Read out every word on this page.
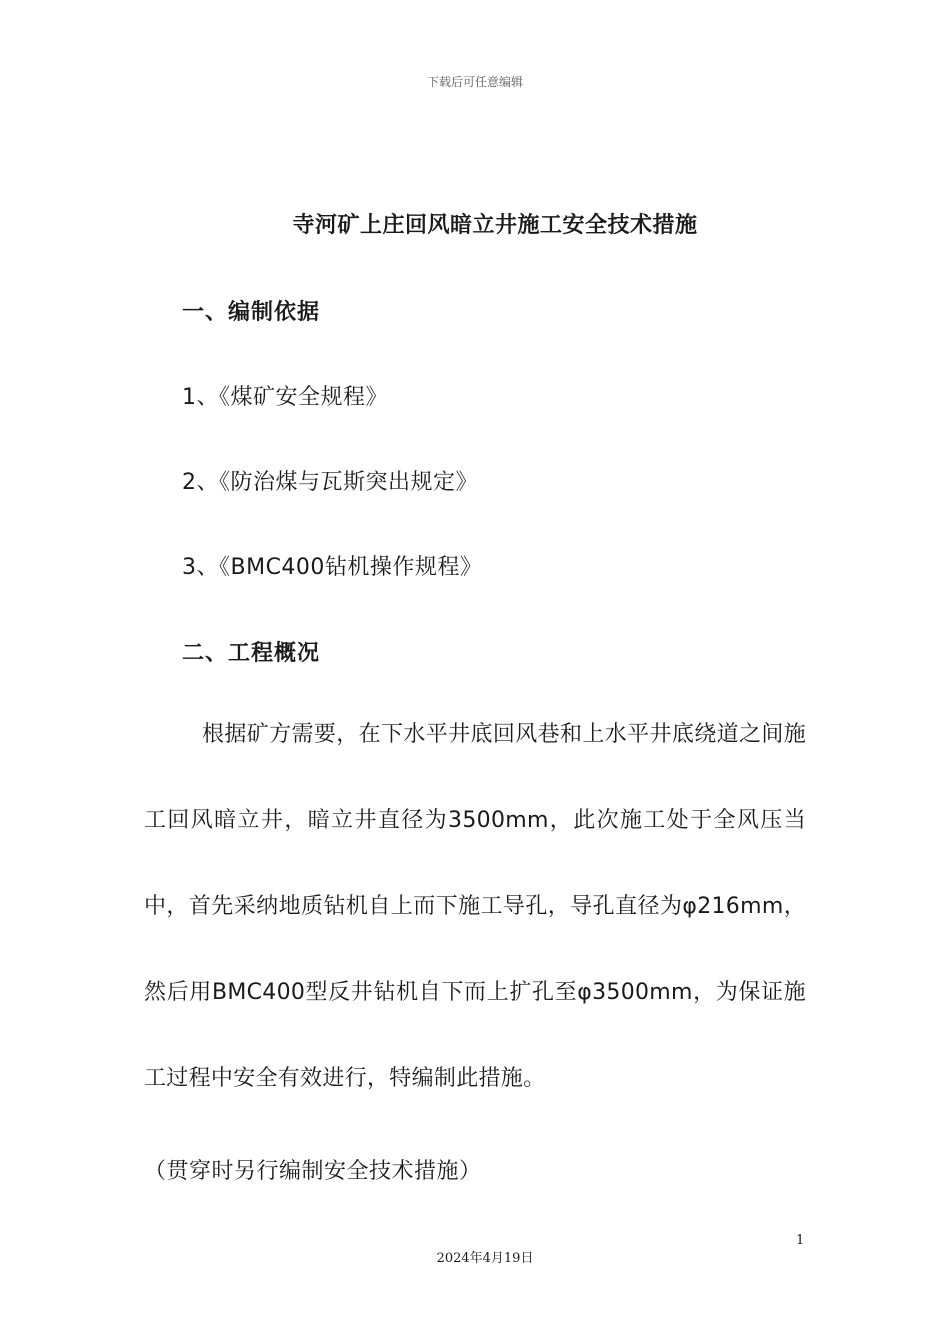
下载后可任意编辑
寺河矿上庄回风暗立井施工安全技术措施
一、编制依据
1、《煤矿安全规程》
2、《防治煤与瓦斯突出规定》
3、《BMC400钻机操作规程》
二、工程概况
根据矿方需要，在下水平井底回风巷和上水平井底绕道之间施工回风暗立井，暗立井直径为3500mm，此次施工处于全风压当中，首先采纳地质钻机自上而下施工导孔，导孔直径为φ216mm，然后用BMC400型反井钻机自下而上扩孔至φ3500mm，为保证施工过程中安全有效进行，特编制此措施。
（贯穿时另行编制安全技术措施）
1
2024年4月19日
